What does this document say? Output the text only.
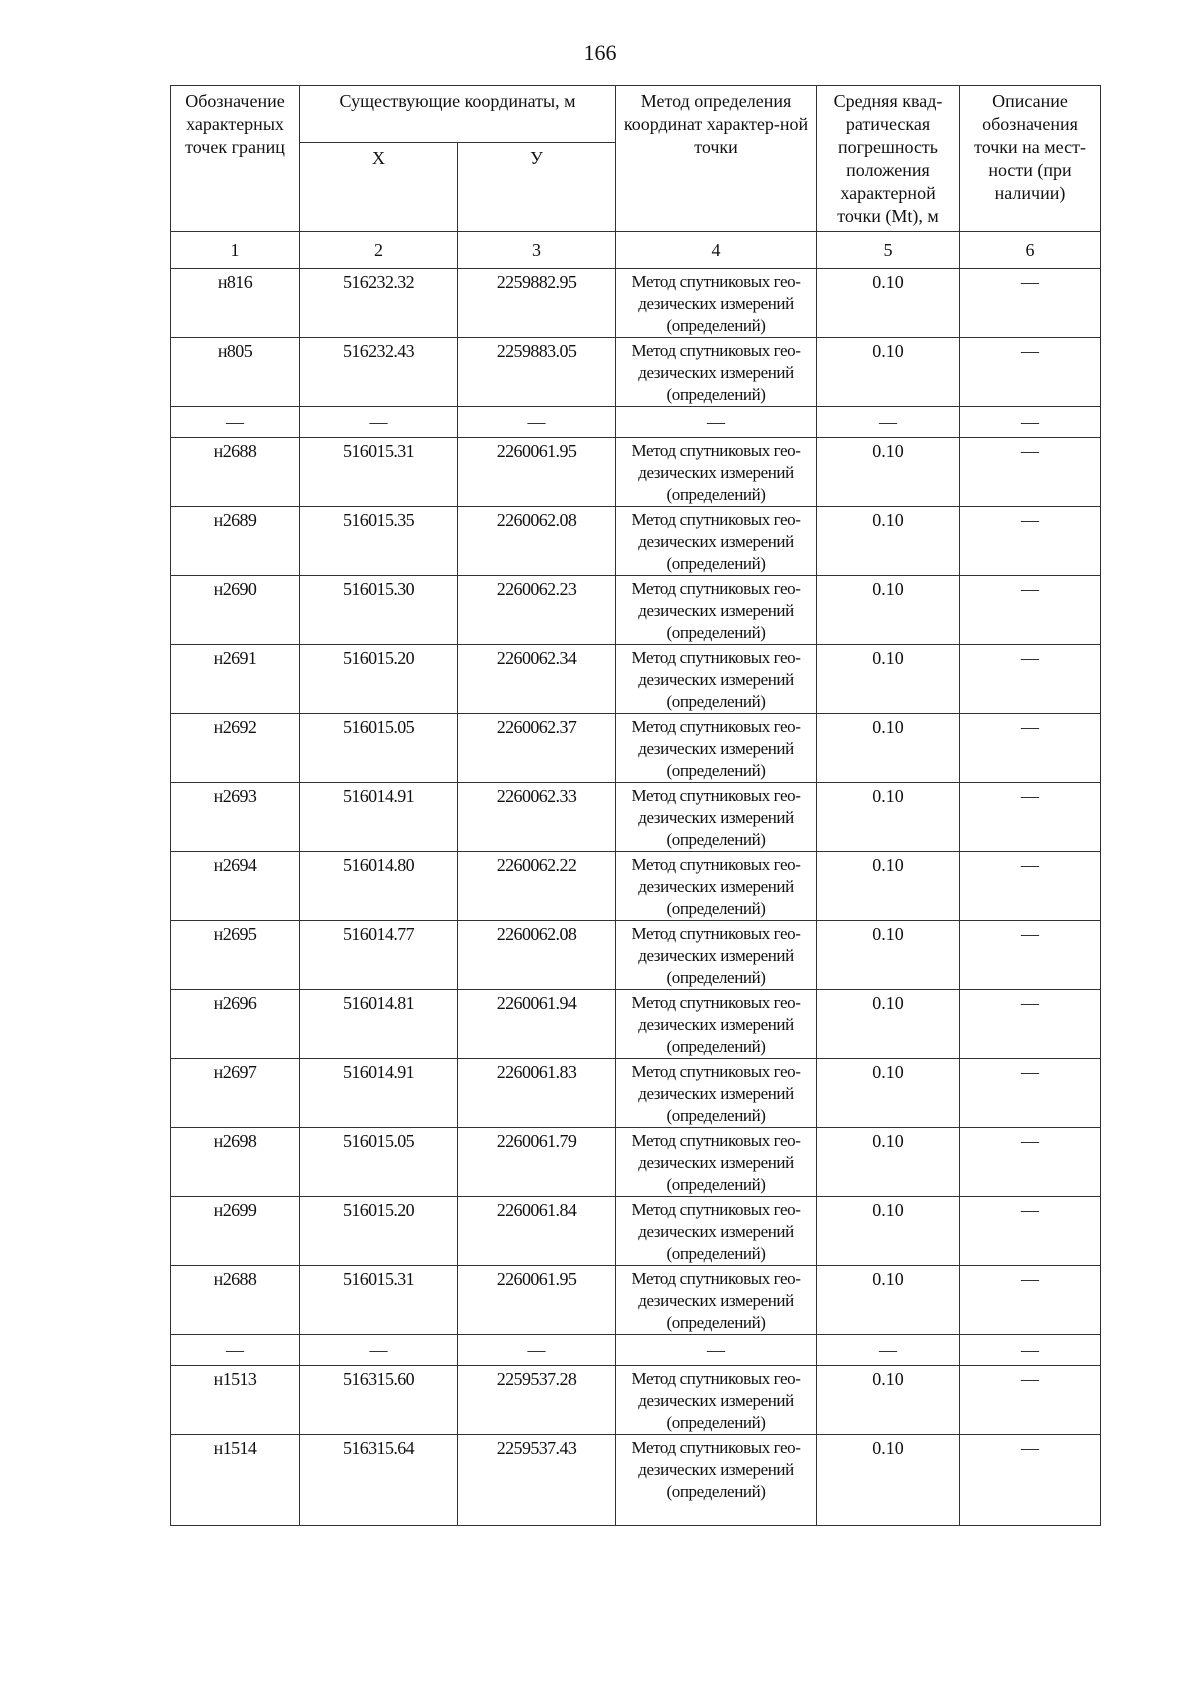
166
Обозначение характерных точек границ	Существующие координаты, м		Метод определения координат характер-ной точки	Средняя квад-ратическая погрешность положения характерной точки (Mt), м	Описание обозначения точки на мест-ности (при наличии)
	Х	У			
1	2	3	4	5	6
н816	516232.32	2259882.95	Метод спутниковых гео-дезических измерений (определений)	0.10	—
н805	516232.43	2259883.05	Метод спутниковых гео-дезических измерений (определений)	0.10	—
—	—	—	—	—	—
н2688	516015.31	2260061.95	Метод спутниковых гео-дезических измерений (определений)	0.10	—
н2689	516015.35	2260062.08	Метод спутниковых гео-дезических измерений (определений)	0.10	—
н2690	516015.30	2260062.23	Метод спутниковых гео-дезических измерений (определений)	0.10	—
н2691	516015.20	2260062.34	Метод спутниковых гео-дезических измерений (определений)	0.10	—
н2692	516015.05	2260062.37	Метод спутниковых гео-дезических измерений (определений)	0.10	—
н2693	516014.91	2260062.33	Метод спутниковых гео-дезических измерений (определений)	0.10	—
н2694	516014.80	2260062.22	Метод спутниковых гео-дезических измерений (определений)	0.10	—
н2695	516014.77	2260062.08	Метод спутниковых гео-дезических измерений (определений)	0.10	—
н2696	516014.81	2260061.94	Метод спутниковых гео-дезических измерений (определений)	0.10	—
н2697	516014.91	2260061.83	Метод спутниковых гео-дезических измерений (определений)	0.10	—
н2698	516015.05	2260061.79	Метод спутниковых гео-дезических измерений (определений)	0.10	—
н2699	516015.20	2260061.84	Метод спутниковых гео-дезических измерений (определений)	0.10	—
н2688	516015.31	2260061.95	Метод спутниковых гео-дезических измерений (определений)	0.10	—
—	—	—	—	—	—
н1513	516315.60	2259537.28	Метод спутниковых гео-дезических измерений (определений)	0.10	—
н1514	516315.64	2259537.43	Метод спутниковых гео-дезических измерений (определений)	0.10	—
